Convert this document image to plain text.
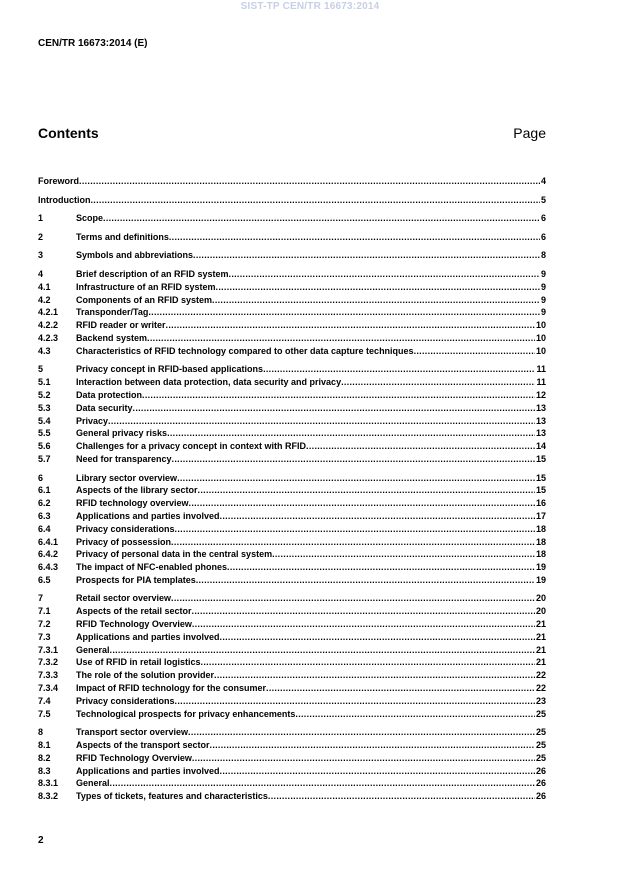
SIST-TP CEN/TR 16673:2014
CEN/TR 16673:2014 (E)
Contents	Page
Foreword .....	4
Introduction .....	5
1	Scope .....	6
2	Terms and definitions .....	6
3	Symbols and abbreviations .....	8
4	Brief description of an RFID system .....	9
4.1	Infrastructure of an RFID system .....	9
4.2	Components of an RFID system .....	9
4.2.1	Transponder/Tag .....	9
4.2.2	RFID reader or writer .....	10
4.2.3	Backend system .....	10
4.3	Characteristics of RFID technology compared to other data capture techniques .....	10
5	Privacy concept in RFID-based applications .....	11
5.1	Interaction between data protection, data security and privacy .....	11
5.2	Data protection .....	12
5.3	Data security .....	13
5.4	Privacy .....	13
5.5	General privacy risks .....	13
5.6	Challenges for a privacy concept in context with RFID .....	14
5.7	Need for transparency .....	15
6	Library sector overview .....	15
6.1	Aspects of the library sector .....	15
6.2	RFID technology overview .....	16
6.3	Applications and parties involved .....	17
6.4	Privacy considerations .....	18
6.4.1	Privacy of possession .....	18
6.4.2	Privacy of personal data in the central system .....	18
6.4.3	The impact of NFC-enabled phones .....	19
6.5	Prospects for PIA templates .....	19
7	Retail sector overview .....	20
7.1	Aspects of the retail sector .....	20
7.2	RFID Technology Overview .....	21
7.3	Applications and parties involved .....	21
7.3.1	General .....	21
7.3.2	Use of RFID in retail logistics .....	21
7.3.3	The role of the solution provider .....	22
7.3.4	Impact of RFID technology for the consumer .....	22
7.4	Privacy considerations .....	23
7.5	Technological prospects for privacy enhancements .....	25
8	Transport sector overview .....	25
8.1	Aspects of the transport sector .....	25
8.2	RFID Technology Overview .....	25
8.3	Applications and parties involved .....	26
8.3.1	General .....	26
8.3.2	Types of tickets, features and characteristics .....	26
2
